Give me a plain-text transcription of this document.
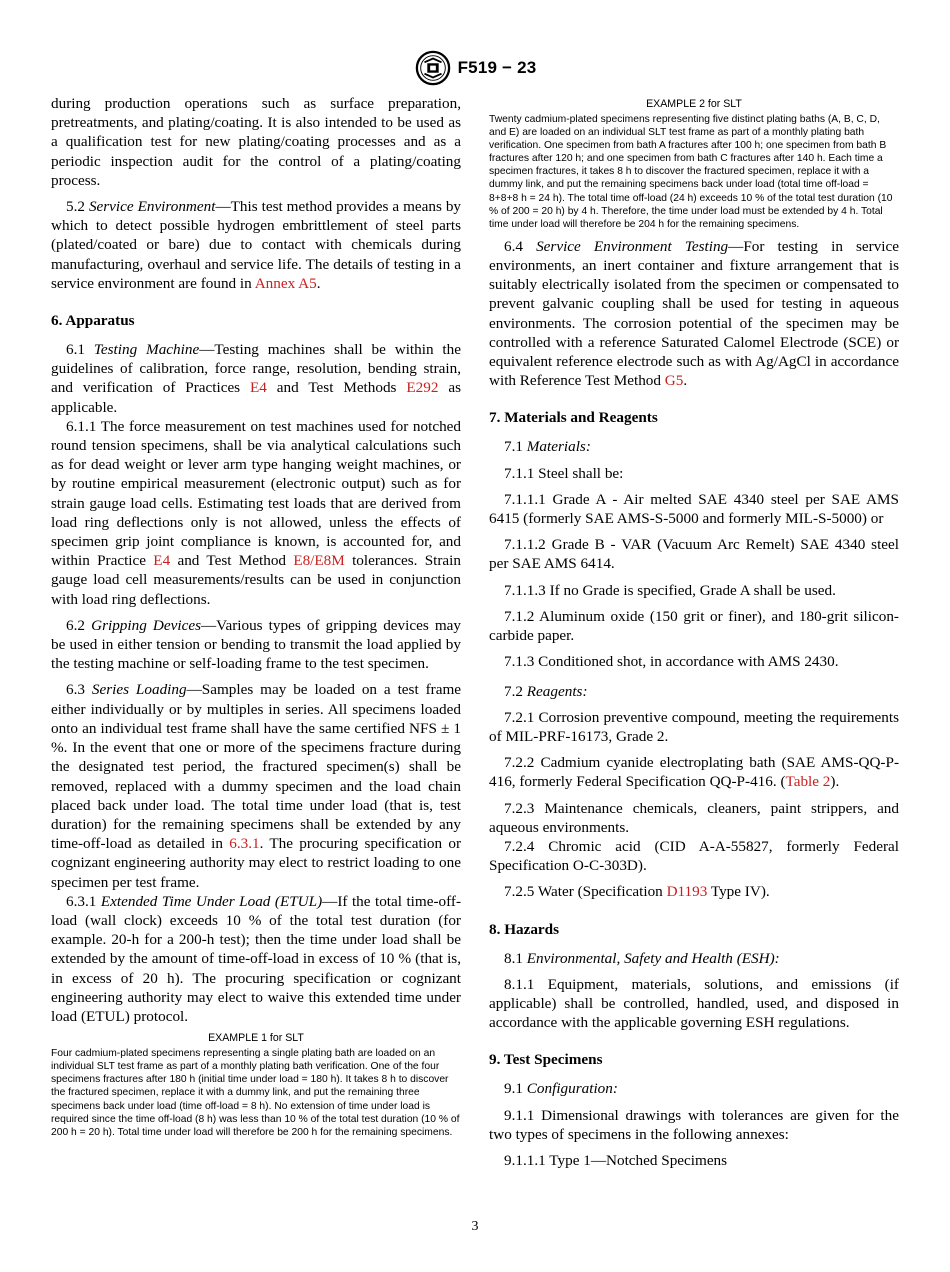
F519 − 23

during production operations such as surface preparation, pretreatments, and plating/coating. It is also intended to be used as a qualification test for new plating/coating processes and as a periodic inspection audit for the control of a plating/coating process.

5.2 Service Environment—This test method provides a means by which to detect possible hydrogen embrittlement of steel parts (plated/coated or bare) due to contact with chemicals during manufacturing, overhaul and service life. The details of testing in a service environment are found in Annex A5.

6. Apparatus

6.1 Testing Machine—Testing machines shall be within the guidelines of calibration, force range, resolution, bending strain, and verification of Practices E4 and Test Methods E292 as applicable.

6.1.1 The force measurement on test machines used for notched round tension specimens, shall be via analytical calculations such as for dead weight or lever arm type hanging weight machines, or by routine empirical measurement (electronic output) such as for strain gauge load cells. Estimating test loads that are derived from load ring deflections only is not allowed, unless the effects of specimen grip joint compliance is known, is accounted for, and within Practice E4 and Test Method E8/E8M tolerances. Strain gauge load cell measurements/results can be used in conjunction with load ring deflections.

6.2 Gripping Devices—Various types of gripping devices may be used in either tension or bending to transmit the load applied by the testing machine or self-loading frame to the test specimen.

6.3 Series Loading—Samples may be loaded on a test frame either individually or by multiples in series. All specimens loaded onto an individual test frame shall have the same certified NFS ± 1 %. In the event that one or more of the specimens fracture during the designated test period, the fractured specimen(s) shall be removed, replaced with a dummy specimen and the load chain placed back under load. The total time under load (that is, test duration) for the remaining specimens shall be extended by any time-off-load as detailed in 6.3.1. The procuring specification or cognizant engineering authority may elect to restrict loading to one specimen per test frame.

6.3.1 Extended Time Under Load (ETUL)—If the total time-off-load (wall clock) exceeds 10 % of the total test duration (for example. 20-h for a 200-h test); then the time under load shall be extended by the amount of time-off-load in excess of 10 % (that is, in excess of 20 h). The procuring specification or cognizant engineering authority may elect to waive this extended time under load (ETUL) protocol.

EXAMPLE 1 for SLT
Four cadmium-plated specimens representing a single plating bath are loaded on an individual SLT test frame as part of a monthly plating bath verification. One of the four specimens fractures after 180 h (initial time under load = 180 h). It takes 8 h to discover the fractured specimen, replace it with a dummy link, and put the remaining three specimens back under load (time off-load = 8 h). No extension of time under load is required since the time off-load (8 h) was less than 10 % of the total test duration (10 % of 200 h = 20 h). Total time under load will therefore be 200 h for the remaining specimens.
EXAMPLE 2 for SLT
Twenty cadmium-plated specimens representing five distinct plating baths (A, B, C, D, and E) are loaded on an individual SLT test frame as part of a monthly plating bath verification. One specimen from bath A fractures after 100 h; one specimen from bath B fractures after 120 h; and one specimen from bath C fractures after 140 h. Each time a specimen fractures, it takes 8 h to discover the fractured specimen, replace it with a dummy link, and put the remaining specimens back under load (total time off-load = 8+8+8 h = 24 h). The total time off-load (24 h) exceeds 10 % of the total test duration (10 % of 200 = 20 h) by 4 h. Therefore, the time under load must be extended by 4 h. Total time under load will therefore be 204 h for the remaining specimens.

6.4 Service Environment Testing—For testing in service environments, an inert container and fixture arrangement that is suitably electrically isolated from the specimen or compensated to prevent galvanic coupling shall be used for testing in aqueous environments. The corrosion potential of the specimen may be controlled with a reference Saturated Calomel Electrode (SCE) or equivalent reference electrode such as with Ag/AgCl in accordance with Reference Test Method G5.

7. Materials and Reagents

7.1 Materials:

7.1.1 Steel shall be:

7.1.1.1 Grade A - Air melted SAE 4340 steel per SAE AMS 6415 (formerly SAE AMS-S-5000 and formerly MIL-S-5000) or

7.1.1.2 Grade B - VAR (Vacuum Arc Remelt) SAE 4340 steel per SAE AMS 6414.

7.1.1.3 If no Grade is specified, Grade A shall be used.

7.1.2 Aluminum oxide (150 grit or finer), and 180-grit silicon-carbide paper.

7.1.3 Conditioned shot, in accordance with AMS 2430.

7.2 Reagents:

7.2.1 Corrosion preventive compound, meeting the requirements of MIL-PRF-16173, Grade 2.

7.2.2 Cadmium cyanide electroplating bath (SAE AMS-QQ-P-416, formerly Federal Specification QQ-P-416. (Table 2).

7.2.3 Maintenance chemicals, cleaners, paint strippers, and aqueous environments.

7.2.4 Chromic acid (CID A-A-55827, formerly Federal Specification O-C-303D).

7.2.5 Water (Specification D1193 Type IV).

8. Hazards

8.1 Environmental, Safety and Health (ESH):

8.1.1 Equipment, materials, solutions, and emissions (if applicable) shall be controlled, handled, used, and disposed in accordance with the applicable governing ESH regulations.

9. Test Specimens

9.1 Configuration:

9.1.1 Dimensional drawings with tolerances are given for the two types of specimens in the following annexes:

9.1.1.1 Type 1—Notched Specimens

3
